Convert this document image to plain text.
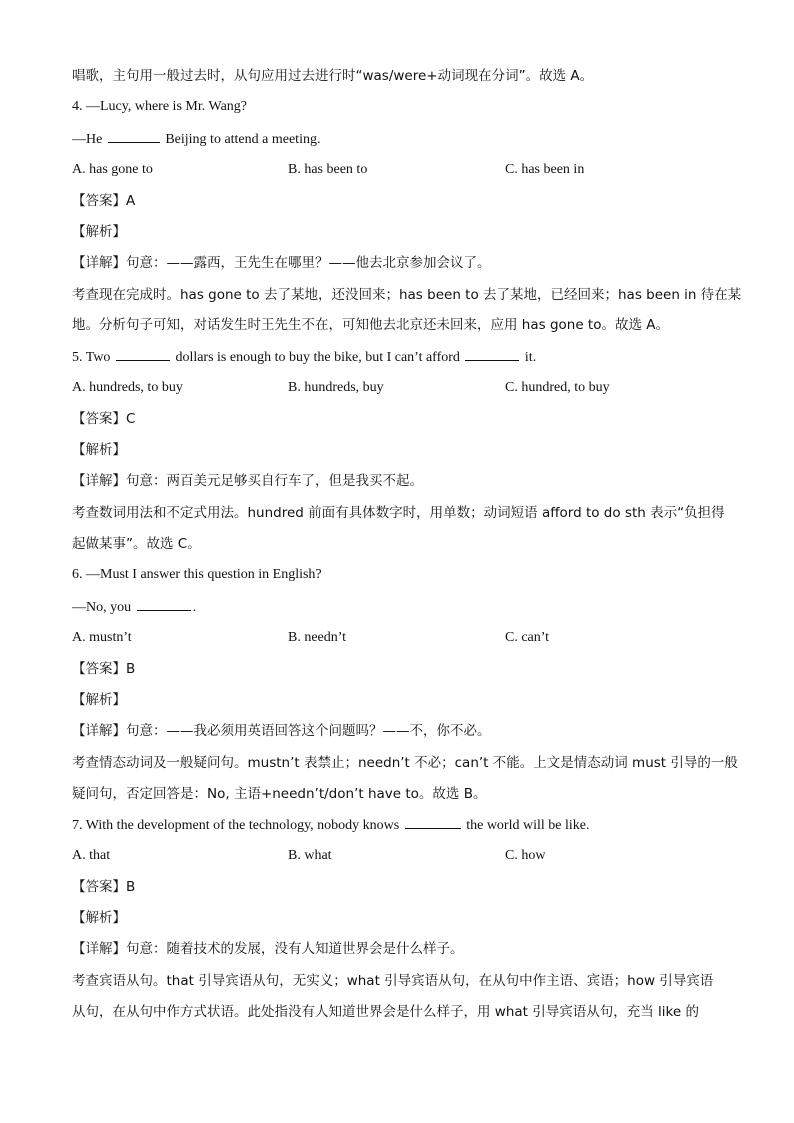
唱歌，主句用一般过去时，从句应用过去进行时“was/were+动词现在分词”。故选 A。
4. —Lucy, where is Mr. Wang?
—He	Beijing to attend a meeting.
A. has gone to	B. has been to	C. has been in
【答案】A
【解析】
【详解】句意：——露西，王先生在哪里？——他去北京参加会议了。
考查现在完成时。has gone to 去了某地，还没回来；has been to 去了某地，已经回来；has been in 待在某
地。分析句子可知，对话发生时王先生不在，可知他去北京还未回来，应用 has gone to。故选 A。
5. Two	dollars is enough to buy the bike, but I can’t afford	it.
A. hundreds, to buy	B. hundreds, buy	C. hundred, to buy
【答案】C
【解析】
【详解】句意：两百美元足够买自行车了，但是我买不起。
考查数词用法和不定式用法。hundred 前面有具体数字时，用单数；动词短语 afford to do sth 表示“负担得
起做某事”。故选 C。
6. —Must I answer this question in English?
—No, you	.
A. mustn’t	B. needn’t	C. can’t
【答案】B
【解析】
【详解】句意：——我必须用英语回答这个问题吗？——不，你不必。
考查情态动词及一般疑问句。mustn’t 表禁止；needn’t 不必；can’t 不能。上文是情态动词 must 引导的一般
疑问句，否定回答是：No, 主语+needn’t/don’t have to。故选 B。
7. With the development of the technology, nobody knows	the world will be like.
A. that	B. what	C. how
【答案】B
【解析】
【详解】句意：随着技术的发展，没有人知道世界会是什么样子。
考查宾语从句。that 引导宾语从句，无实义；what 引导宾语从句，在从句中作主语、宾语；how 引导宾语
从句，在从句中作方式状语。此处指没有人知道世界会是什么样子，用 what 引导宾语从句，充当 like 的
